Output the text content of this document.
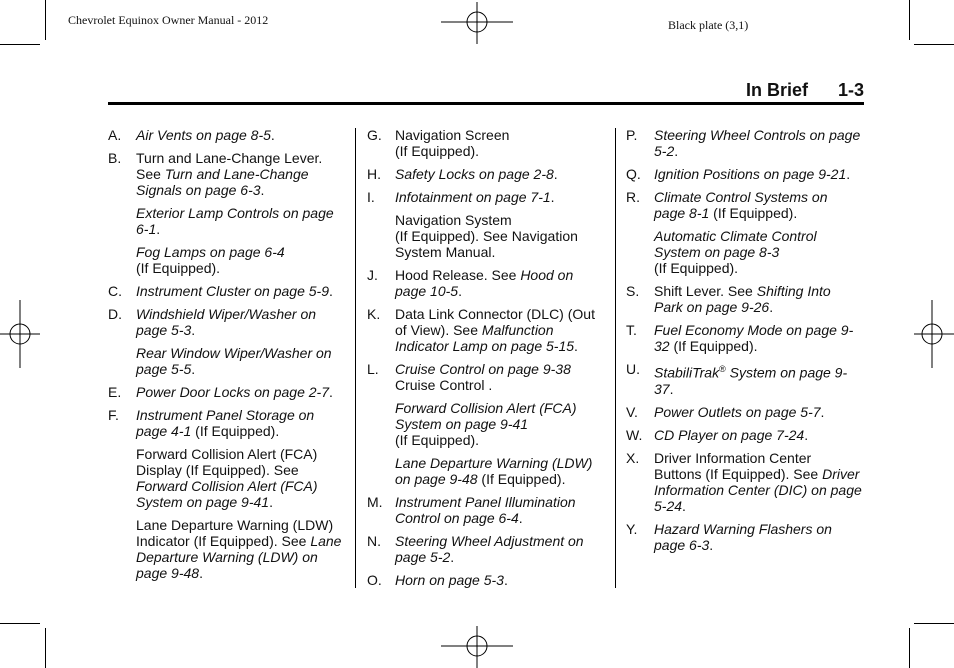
Chevrolet Equinox Owner Manual - 2012	Black plate (3,1)
In Brief 1-3
A. Air Vents on page 8-5.
B. Turn and Lane-Change Lever.
See Turn and Lane-Change Signals on page 6-3.
Exterior Lamp Controls on page 6-1.
Fog Lamps on page 6-4
(If Equipped).
C. Instrument Cluster on page 5-9.
D. Windshield Wiper/Washer on page 5-3.
Rear Window Wiper/Washer on page 5-5.
E. Power Door Locks on page 2-7.
F. Instrument Panel Storage on page 4-1 (If Equipped).
Forward Collision Alert (FCA) Display (If Equipped). See Forward Collision Alert (FCA) System on page 9-41.
Lane Departure Warning (LDW) Indicator (If Equipped). See Lane Departure Warning (LDW) on page 9-48.
G. Navigation Screen
(If Equipped).
H. Safety Locks on page 2-8.
I. Infotainment on page 7-1.
Navigation System
(If Equipped). See Navigation System Manual.
J. Hood Release. See Hood on page 10-5.
K. Data Link Connector (DLC) (Out of View). See Malfunction Indicator Lamp on page 5-15.
L. Cruise Control on page 9-38
Cruise Control .
Forward Collision Alert (FCA) System on page 9-41
(If Equipped).
Lane Departure Warning (LDW) on page 9-48 (If Equipped).
M. Instrument Panel Illumination Control on page 6-4.
N. Steering Wheel Adjustment on page 5-2.
O. Horn on page 5-3.
P. Steering Wheel Controls on page 5-2.
Q. Ignition Positions on page 9-21.
R. Climate Control Systems on page 8-1 (If Equipped).
Automatic Climate Control System on page 8-3
(If Equipped).
S. Shift Lever. See Shifting Into Park on page 9-26.
T. Fuel Economy Mode on page 9-32 (If Equipped).
U. StabiliTrak® System on page 9-37.
V. Power Outlets on page 5-7.
W. CD Player on page 7-24.
X. Driver Information Center Buttons (If Equipped). See Driver Information Center (DIC) on page 5-24.
Y. Hazard Warning Flashers on page 6-3.
